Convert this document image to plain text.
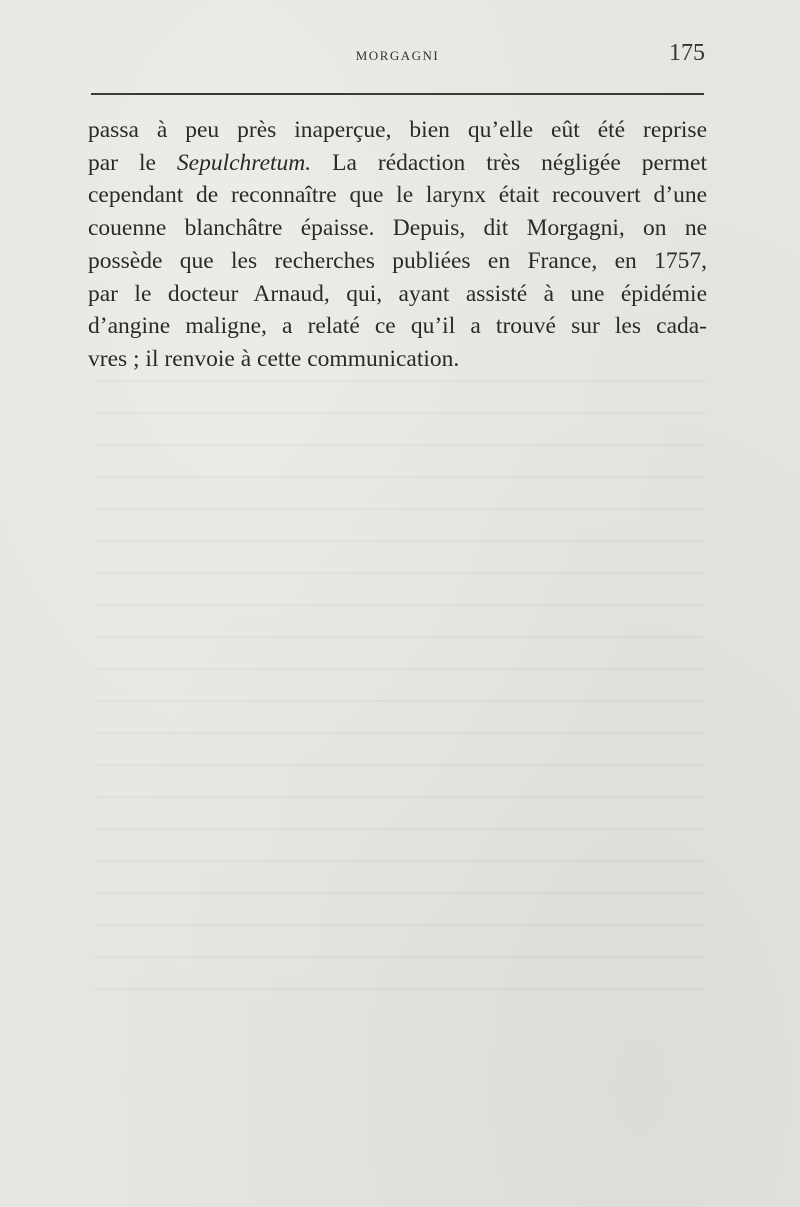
MORGAGNI	175
passa à peu près inaperçue, bien qu’elle eût été reprise
par le Sepulchretum. La rédaction très négligée permet
cependant de reconnaître que le larynx était recouvert d’une
couenne blanchâtre épaisse. Depuis, dit Morgagni, on ne
possède que les recherches publiées en France, en 1757,
par le docteur Arnaud, qui, ayant assisté à une épidémie
d’angine maligne, a relaté ce qu’il a trouvé sur les cada-
vres ; il renvoie à cette communication.
